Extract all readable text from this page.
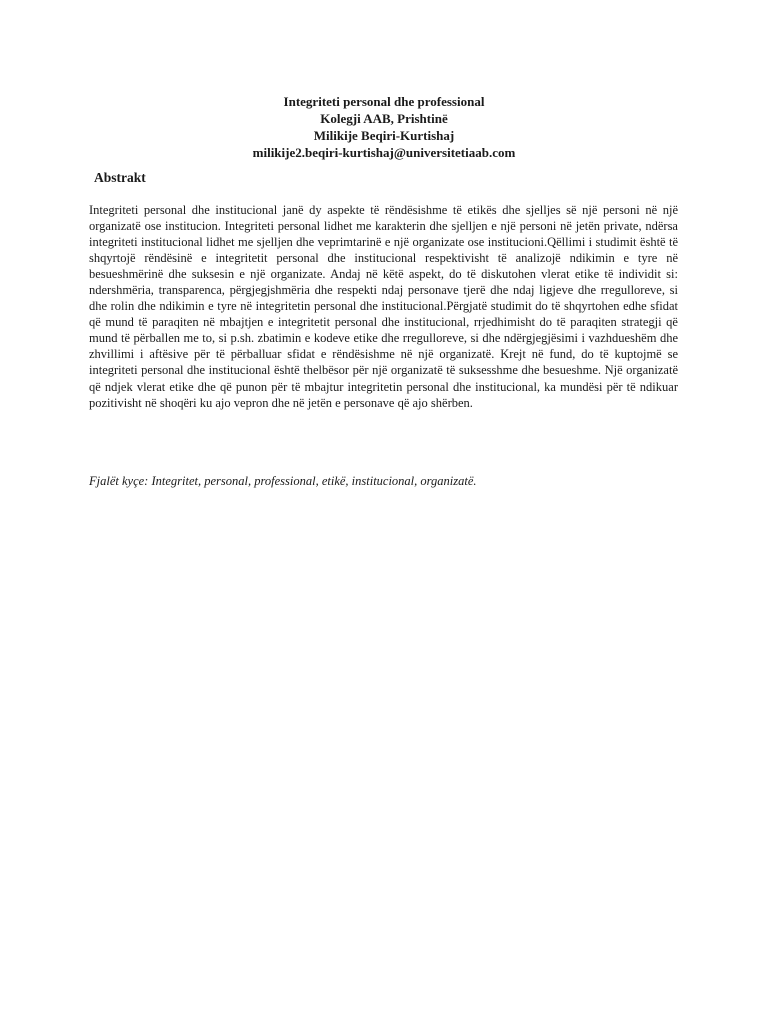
Integriteti personal dhe professional
Kolegji AAB, Prishtinë
Milikije Beqiri-Kurtishaj
milikije2.beqiri-kurtishaj@universitetiaab.com
Abstrakt

Integriteti personal dhe institucional janë dy aspekte të rëndësishme të etikës dhe sjelljes së një personi në një organizatë ose institucion. Integriteti personal lidhet me karakterin dhe sjelljen e një personi në jetën private, ndërsa integriteti institucional lidhet me sjelljen dhe veprimtarinë e një organizate ose institucioni.Qëllimi i studimit është të shqyrtojë rëndësinë e integritetit personal dhe institucional respektivisht të analizojë ndikimin e tyre në besueshmërinë dhe suksesin e një organizate. Andaj në këtë aspekt, do të diskutohen vlerat etike të individit si: ndershmëria, transparenca, përgjegjshmëria dhe respekti ndaj personave tjerë dhe ndaj ligjeve dhe rregulloreve, si dhe rolin dhe ndikimin e tyre në integritetin personal dhe institucional.Përgjatë studimit do të shqyrtohen edhe sfidat që mund të paraqiten në mbajtjen e integritetit personal dhe institucional, rrjedhimisht do të paraqiten strategji që mund të përballen me to, si p.sh. zbatimin e kodeve etike dhe rregulloreve, si dhe ndërgjegjësimi i vazhdueshëm dhe zhvillimi i aftësive për të përballuar sfidat e rëndësishme në një organizatë. Krejt në fund, do të kuptojmë se integriteti personal dhe institucional është thelbësor për një organizatë të suksesshme dhe besueshme. Një organizatë që ndjek vlerat etike dhe që punon për të mbajtur integritetin personal dhe institucional, ka mundësi për të ndikuar pozitivisht në shoqëri ku ajo vepron dhe në jetën e personave që ajo shërben.

Fjalët kyçe: Integritet, personal, professional, etikë, institucional, organizatë.
